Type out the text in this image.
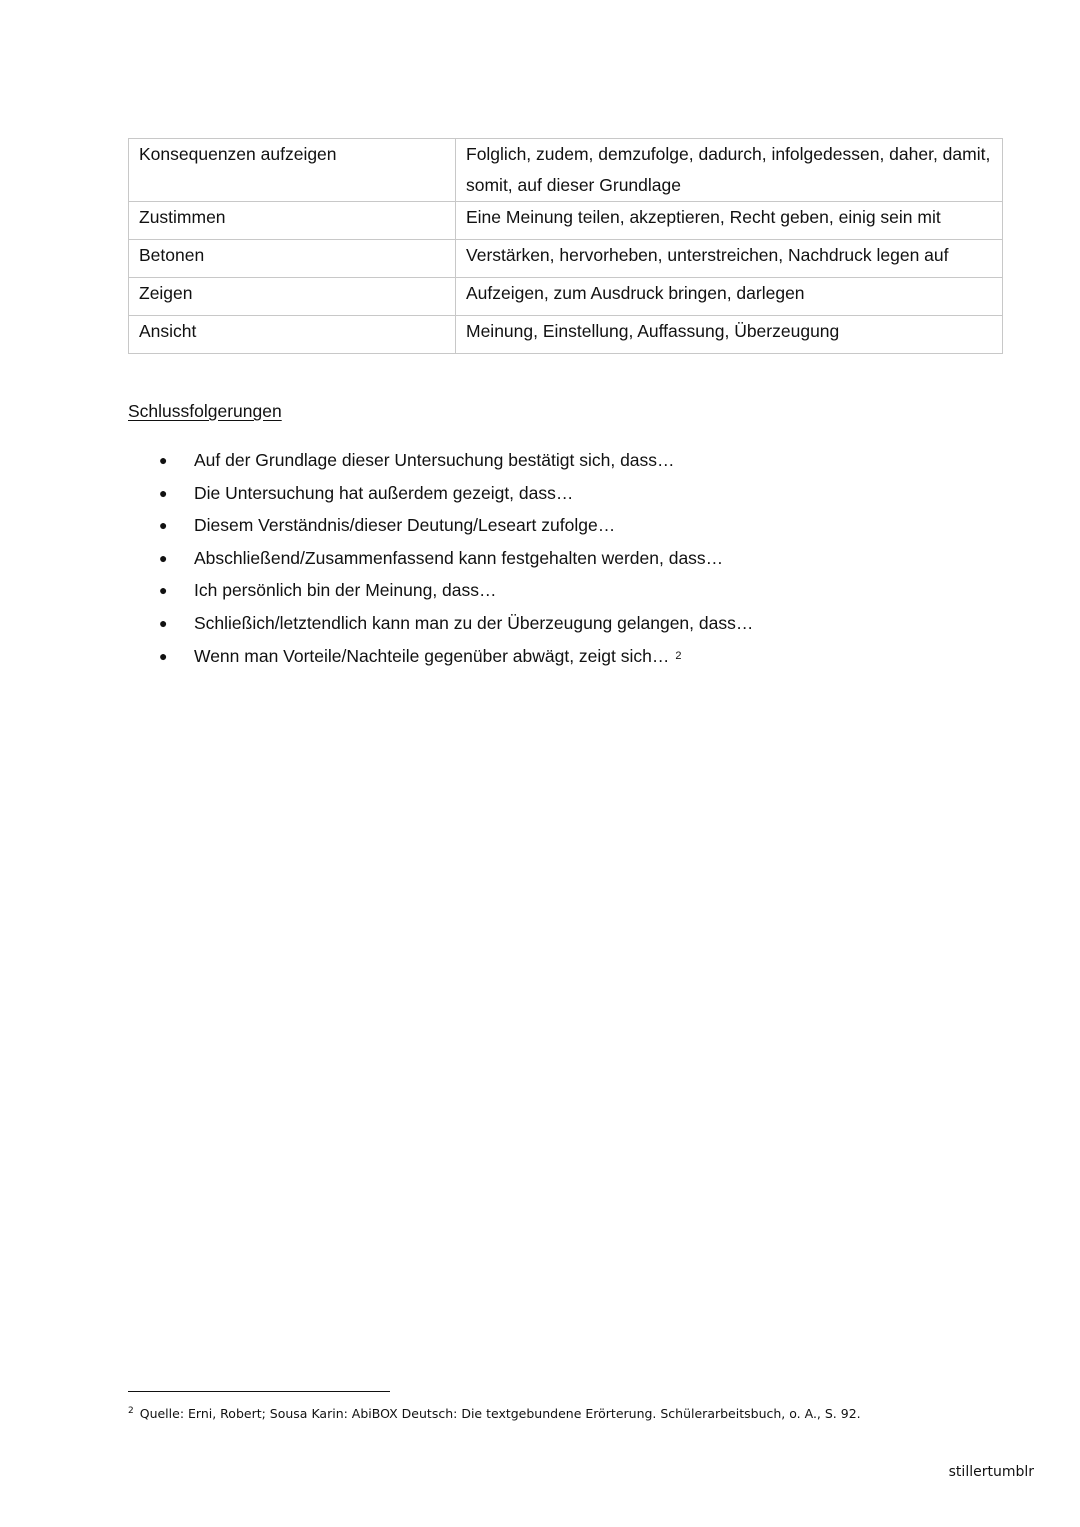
Konsequenzen aufzeigen	Folglich, zudem, demzufolge, dadurch, infolgedessen, daher, damit, somit, auf dieser Grundlage
Zustimmen	Eine Meinung teilen, akzeptieren, Recht geben, einig sein mit
Betonen	Verstärken, hervorheben, unterstreichen, Nachdruck legen auf
Zeigen	Aufzeigen, zum Ausdruck bringen, darlegen
Ansicht	Meinung, Einstellung, Auffassung, Überzeugung
Schlussfolgerungen
●	Auf der Grundlage dieser Untersuchung bestätigt sich, dass…
●	Die Untersuchung hat außerdem gezeigt, dass…
●	Diesem Verständnis/dieser Deutung/Leseart zufolge…
●	Abschließend/Zusammenfassend kann festgehalten werden, dass…
●	Ich persönlich bin der Meinung, dass…
●	Schließich/letztendlich kann man zu der Überzeugung gelangen, dass…
●	Wenn man Vorteile/Nachteile gegenüber abwägt, zeigt sich… 2
$^2$ Quelle: Erni, Robert; Sousa Karin: AbiBOX Deutsch: Die textgebundene Erörterung. Schülerarbeitsbuch, o. A., S. 92.
stillertumblr
